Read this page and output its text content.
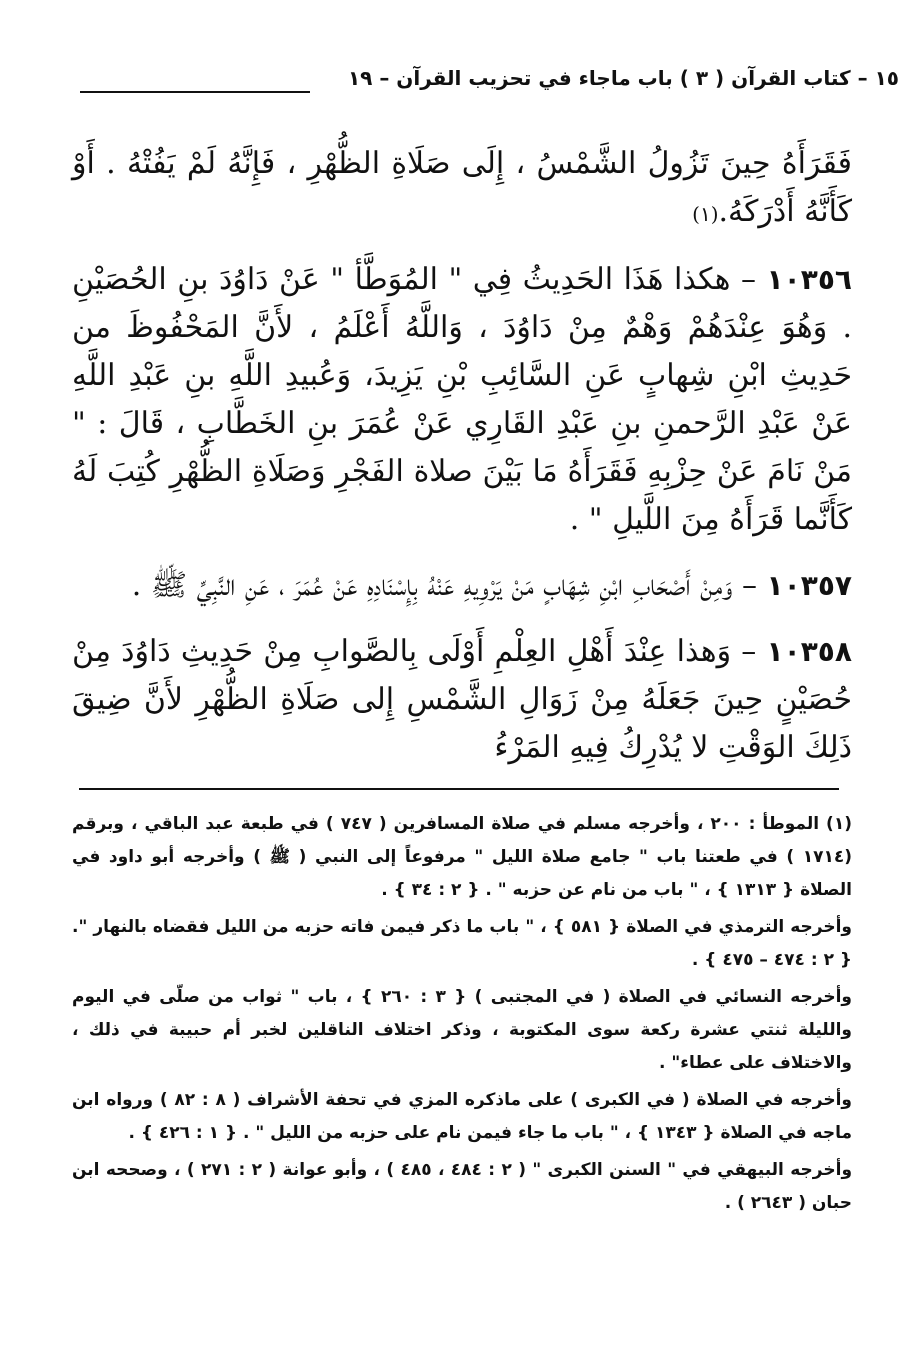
١٥ – كتاب القرآن ( ٣ ) باب ماجاء في تحزيب القرآن – ١٩

فَقَرَأَهُ حِينَ تَزُولُ الشَّمْسُ ، إِلَى صَلَاةِ الظُّهْرِ ، فَإِنَّهُ لَمْ يَفُتْهُ . أَوْ كَأَنَّهُ أَدْرَكَهُ.(١)

١٠٣٥٦ – هكذا هَذَا الحَدِيثُ فِي " المُوَطَّأ " عَنْ دَاوُدَ بنِ الحُصَيْنِ . وَهُوَ عِنْدَهُمْ وَهْمٌ مِنْ دَاوُدَ ، وَاللَّهُ أَعْلَمُ ، لأَنَّ المَحْفُوظَ من حَدِيثِ ابْنِ شِهابٍ عَنِ السَّائِبِ بْنِ يَزِيدَ، وَعُبيدِ اللَّهِ بنِ عَبْدِ اللَّهِ عَنْ عَبْدِ الرَّحمنِ بنِ عَبْدِ القَارِي عَنْ عُمَرَ بنِ الخَطَّابِ ، قَالَ : " مَنْ نَامَ عَنْ حِزْبِهِ فَقَرَأَهُ مَا بَيْنَ صلاة الفَجْرِ وَصَلَاةِ الظُّهْرِ كُتِبَ لَهُ كَأَنَّما قَرَأَهُ مِنَ اللَّيلِ " .

١٠٣٥٧ – وَمِنْ أَصْحَابِ ابْنِ شِهَابٍ مَنْ يَرْوِيهِ عَنْهُ بِإِسْنَادِهِ عَنْ عُمَرَ ، عَنِ النَّبِيِّ ﷺ .

١٠٣٥٨ – وَهذا عِنْدَ أَهْلِ العِلْمِ أَوْلَى بِالصَّوابِ مِنْ حَدِيثِ دَاوُدَ مِنْ حُصَيْنٍ حِينَ جَعَلَهُ مِنْ زَوَالِ الشَّمْسِ إِلى صَلَاةِ الظُّهْرِ لأَنَّ ضِيقَ ذَلِكَ الوَقْتِ لا يُدْرِكُ فِيهِ المَرْءُ

(١) الموطأ : ٢٠٠ ، وأخرجه مسلم في صلاة المسافرين ( ٧٤٧ ) في طبعة عبد الباقي ، وبرقم (١٧١٤ ) في طعتنا باب " جامع صلاة الليل " مرفوعاً إلى النبي ( ﷺ ) وأخرجه أبو داود في الصلاة { ١٣١٣ } ، " باب من نام عن حزبه " . { ٢ : ٣٤ } .

وأخرجه الترمذي في الصلاة { ٥٨١ } ، " باب ما ذكر فيمن فاته حزبه من الليل فقضاه بالنهار ". { ٢ : ٤٧٤ – ٤٧٥ } .

وأخرجه النسائي في الصلاة ( في المجتبى ) { ٣ : ٢٦٠ } ، باب " ثواب من صلّى في اليوم والليلة ثنتي عشرة ركعة سوى المكتوبة ، وذكر اختلاف الناقلين لخبر أم حبيبة في ذلك ، والاختلاف على عطاء" .

وأخرجه في الصلاة ( في الكبرى ) على ماذكره المزي في تحفة الأشراف ( ٨ : ٨٢ ) ورواه ابن ماجه في الصلاة { ١٣٤٣ } ، " باب ما جاء فيمن نام على حزبه من الليل " . { ١ : ٤٢٦ } .

وأخرجه البيهقي في " السنن الكبرى " ( ٢ : ٤٨٤ ، ٤٨٥ ) ، وأبو عوانة ( ٢ : ٢٧١ ) ، وصححه ابن حبان ( ٢٦٤٣ ) .
